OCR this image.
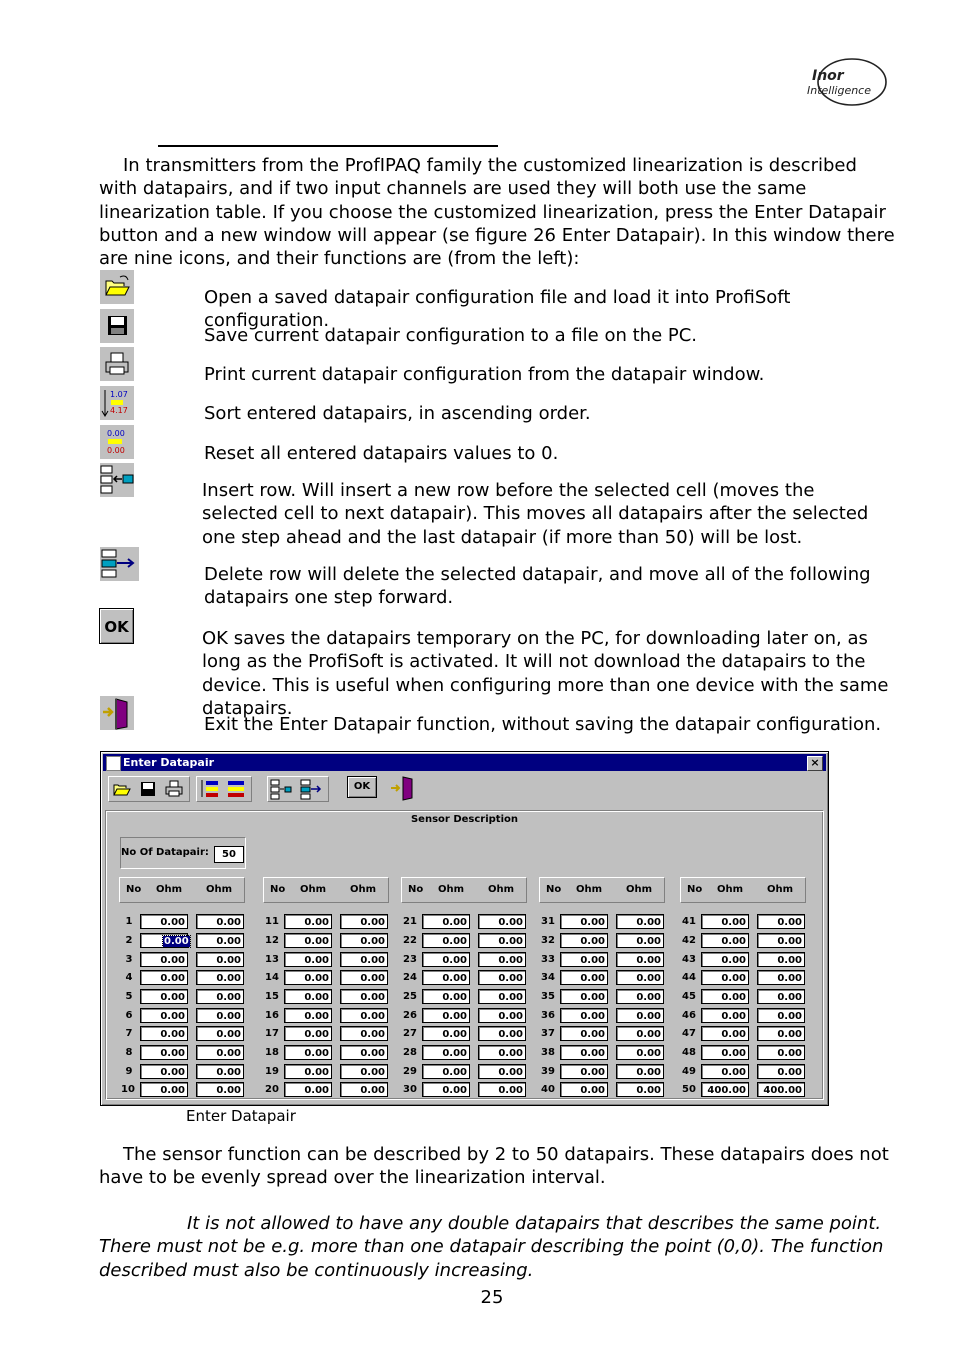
Inor
Intelligence

In transmitters from the ProfIPAQ family the customized linearization is described with datapairs, and if two input channels are used they will both use the same linearization table. If you choose the customized linearization, press the Enter Datapair button and a new window will appear (se figure 26 Enter Datapair). In this window there are nine icons, and their functions are (from the left):

Open a saved datapair configuration file and load it into ProfiSoft configuration.
Save current datapair configuration to a file on the PC.
Print current datapair configuration from the datapair window.
1.07
4.17	Sort entered datapairs, in ascending order.
0.00
0.00	Reset all entered datapairs values to 0.
Insert row. Will insert a new row before the selected cell (moves the selected cell to next datapair). This moves all datapairs after the selected one step ahead and the last datapair (if more than 50) will be lost.
Delete row will delete the selected datapair, and move all of the following datapairs one step forward.
OK
OK saves the datapairs temporary on the PC, for downloading later on, as long as the ProfiSoft is activated. It will not download the datapairs to the device. This is useful when configuring more than one device with the same datapairs.
Exit the Enter Datapair function, without saving the datapair configuration.
Enter Datapair	×
OK
Sensor Description
No Of Datapair:	50
No Ohm Ohm
1	0.00	0.00
2	0.00	0.00
3	0.00	0.00
4	0.00	0.00
5	0.00	0.00
6	0.00	0.00
7	0.00	0.00
8	0.00	0.00
9	0.00	0.00
10	0.00	0.00
No Ohm Ohm
11	0.00	0.00
12	0.00	0.00
13	0.00	0.00
14	0.00	0.00
15	0.00	0.00
16	0.00	0.00
17	0.00	0.00
18	0.00	0.00
19	0.00	0.00
20	0.00	0.00
No Ohm Ohm
21	0.00	0.00
22	0.00	0.00
23	0.00	0.00
24	0.00	0.00
25	0.00	0.00
26	0.00	0.00
27	0.00	0.00
28	0.00	0.00
29	0.00	0.00
30	0.00	0.00
No Ohm Ohm
31	0.00	0.00
32	0.00	0.00
33	0.00	0.00
34	0.00	0.00
35	0.00	0.00
36	0.00	0.00
37	0.00	0.00
38	0.00	0.00
39	0.00	0.00
40	0.00	0.00
No Ohm Ohm
41	0.00	0.00
42	0.00	0.00
43	0.00	0.00
44	0.00	0.00
45	0.00	0.00
46	0.00	0.00
47	0.00	0.00
48	0.00	0.00
49	0.00	0.00
50	400.00	400.00
Enter Datapair

The sensor function can be described by 2 to 50 datapairs. These datapairs does not have to be evenly spread over the linearization interval.

It is not allowed to have any double datapairs that describes the same point. There must not be e.g. more than one datapair describing the point (0,0). The function described must also be continuously increasing.

25
